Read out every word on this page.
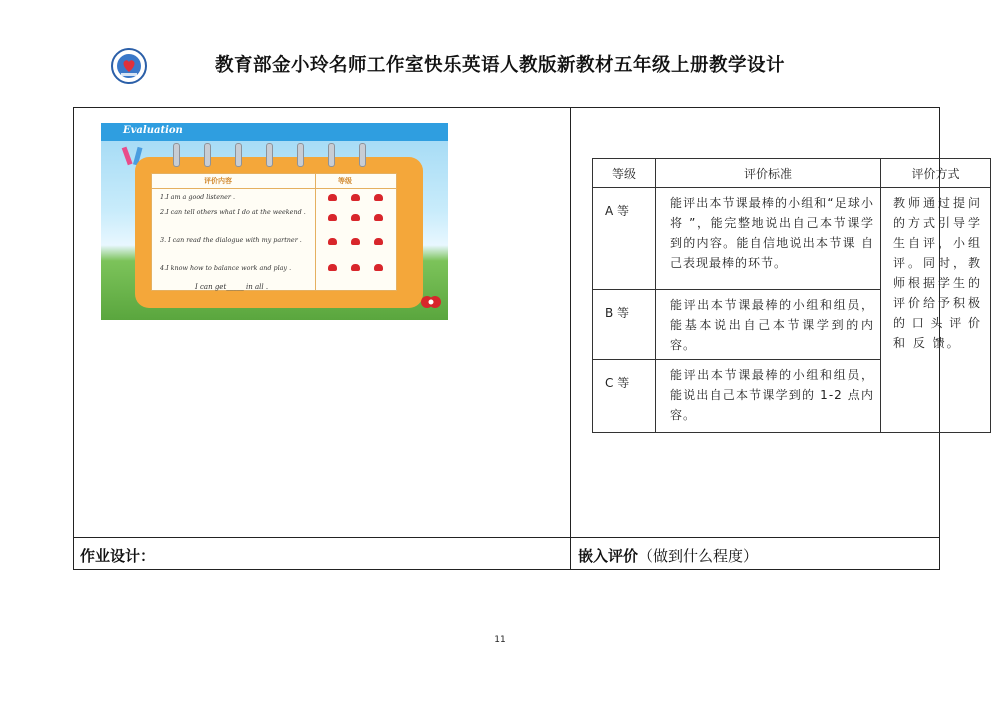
教育部金小玲名师工作室快乐英语人教版新教材五年级上册教学设计
Evaluation
评价内容	等级
1.I am a good listener .
2.I can tell others what I do at the weekend .
3. I can read the dialogue with my partner .
4.I know how to balance work and play .
I can get_____ in all .
等级	评价标准	评价方式
A 等	能评出本节课最棒的小组和“足球小将 ”，能完整地说出自己本节课学到的内容。能自信地说出本节课 自 己表现最棒的环节。	教师通过提问的方式引导学生自评，小组评。同时，教师根据学生的评价给予积极的口头评价 和 反 馈。
B 等	能评出本节课最棒的小组和组员，能基本说出自己本节课学到的内容。	
C 等	能评出本节课最棒的小组和组员，能说出自己本节课学到的 1-2 点内容。	
作业设计：	嵌入评价（做到什么程度）
11
